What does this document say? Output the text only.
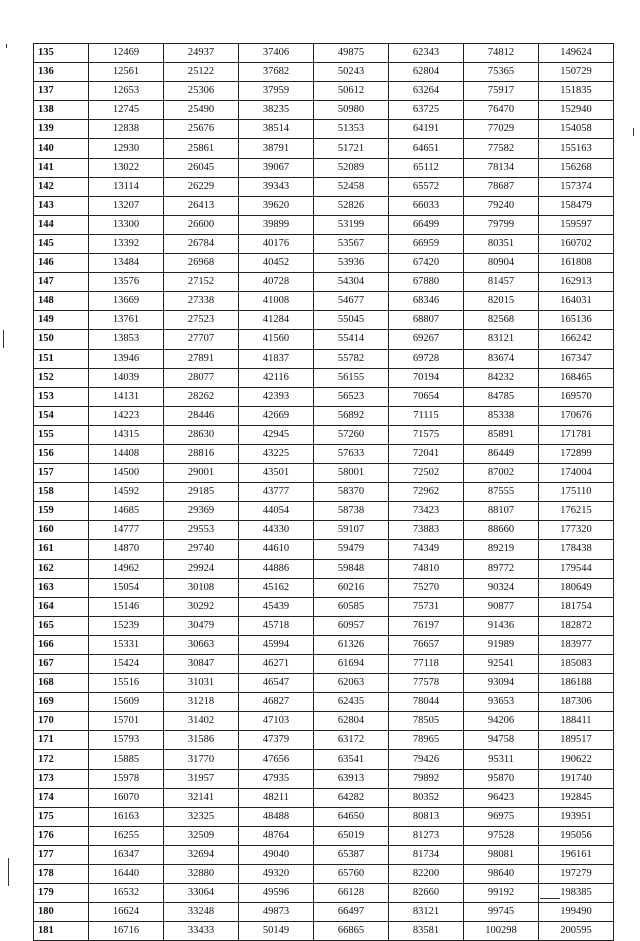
135	12469	24937	37406	49875	62343	74812	149624
136	12561	25122	37682	50243	62804	75365	150729
137	12653	25306	37959	50612	63264	75917	151835
138	12745	25490	38235	50980	63725	76470	152940
139	12838	25676	38514	51353	64191	77029	154058
140	12930	25861	38791	51721	64651	77582	155163
141	13022	26045	39067	52089	65112	78134	156268
142	13114	26229	39343	52458	65572	78687	157374
143	13207	26413	39620	52826	66033	79240	158479
144	13300	26600	39899	53199	66499	79799	159597
145	13392	26784	40176	53567	66959	80351	160702
146	13484	26968	40452	53936	67420	80904	161808
147	13576	27152	40728	54304	67880	81457	162913
148	13669	27338	41008	54677	68346	82015	164031
149	13761	27523	41284	55045	68807	82568	165136
150	13853	27707	41560	55414	69267	83121	166242
151	13946	27891	41837	55782	69728	83674	167347
152	14039	28077	42116	56155	70194	84232	168465
153	14131	28262	42393	56523	70654	84785	169570
154	14223	28446	42669	56892	71115	85338	170676
155	14315	28630	42945	57260	71575	85891	171781
156	14408	28816	43225	57633	72041	86449	172899
157	14500	29001	43501	58001	72502	87002	174004
158	14592	29185	43777	58370	72962	87555	175110
159	14685	29369	44054	58738	73423	88107	176215
160	14777	29553	44330	59107	73883	88660	177320
161	14870	29740	44610	59479	74349	89219	178438
162	14962	29924	44886	59848	74810	89772	179544
163	15054	30108	45162	60216	75270	90324	180649
164	15146	30292	45439	60585	75731	90877	181754
165	15239	30479	45718	60957	76197	91436	182872
166	15331	30663	45994	61326	76657	91989	183977
167	15424	30847	46271	61694	77118	92541	185083
168	15516	31031	46547	62063	77578	93094	186188
169	15609	31218	46827	62435	78044	93653	187306
170	15701	31402	47103	62804	78505	94206	188411
171	15793	31586	47379	63172	78965	94758	189517
172	15885	31770	47656	63541	79426	95311	190622
173	15978	31957	47935	63913	79892	95870	191740
174	16070	32141	48211	64282	80352	96423	192845
175	16163	32325	48488	64650	80813	96975	193951
176	16255	32509	48764	65019	81273	97528	195056
177	16347	32694	49040	65387	81734	98081	196161
178	16440	32880	49320	65760	82200	98640	197279
179	16532	33064	49596	66128	82660	99192	198385
180	16624	33248	49873	66497	83121	99745	199490
181	16716	33433	50149	66865	83581	100298	200595
